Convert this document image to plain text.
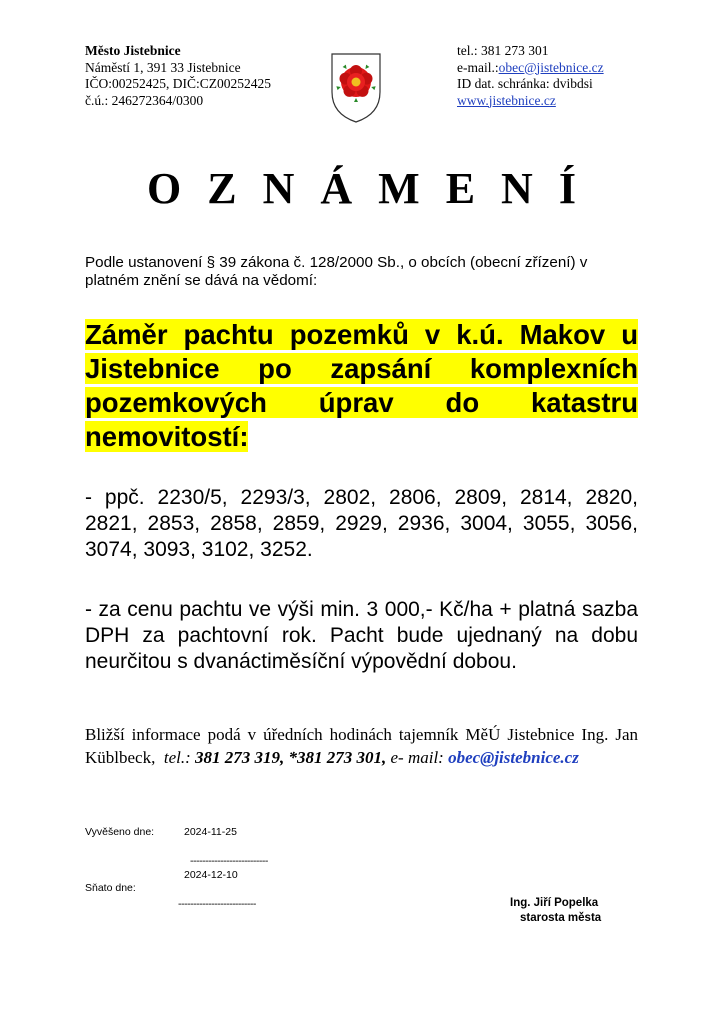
Město Jistebnice
Náměstí 1, 391 33 Jistebnice
IČO:00252425, DIČ:CZ00252425
č.ú.: 246272364/0300
tel.: 381 273 301
e-mail.:obec@jistebnice.cz
ID dat. schránka: dvibdsi
www.jistebnice.cz
OZNÁMENÍ
Podle ustanovení § 39 zákona č. 128/2000 Sb., o obcích (obecní zřízení) v platném znění se dává na vědomí:
Záměr pachtu pozemků v k.ú. Makov u Jistebnice po zapsání komplexních pozemkových úprav do katastru nemovitostí:
- ppč. 2230/5, 2293/3, 2802, 2806, 2809, 2814, 2820, 2821, 2853, 2858, 2859, 2929, 2936, 3004, 3055, 3056, 3074, 3093, 3102, 3252.
- za cenu pachtu ve výši min. 3 000,- Kč/ha + platná sazba DPH za pachtovní rok. Pacht bude ujednaný na dobu neurčitou s dvanáctiměsíční výpovědní dobou.
Bližší informace podá v úředních hodinách tajemník MěÚ Jistebnice Ing. Jan Küblbeck, tel.: 381 273 319, *381 273 301, e- mail: obec@jistebnice.cz
Vyvěšeno dne:	2024-11-25
--------------------------
2024-12-10
Sňato dne:
--------------------------	Ing. Jiří Popelka
starosta města
